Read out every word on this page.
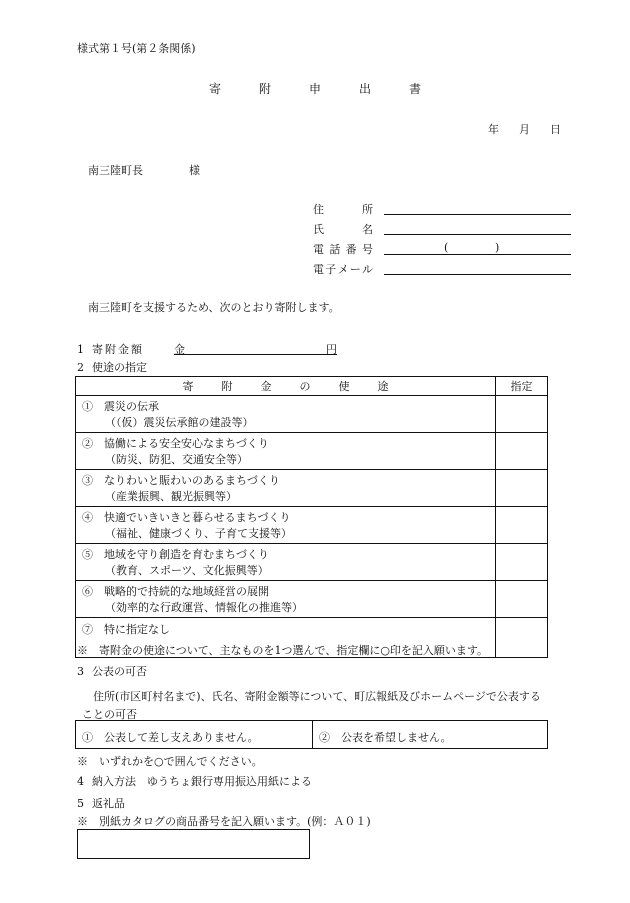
様式第１号(第２条関係)
寄	附	申	出	書
年 月 日
南三陸町長	様
住　所
氏　名
電話番号	(	)
電子メール
南三陸町を支援するため、次のとおり寄附します。
1 寄附金額	金	円
2 使途の指定
寄附金の使途	指定
①　震災の伝承
（（仮）震災伝承館の建設等）	

②　協働による安全安心なまちづくり
（防災、防犯、交通安全等）	

③　なりわいと賑わいのあるまちづくり
（産業振興、観光振興等）	

④　快適でいきいきと暮らせるまちづくり
（福祉、健康づくり、子育て支援等）	

⑤　地域を守り創造を育むまちづくり
（教育、スポーツ、文化振興等）	

⑥　戦略的で持続的な地域経営の展開
（効率的な行政運営、情報化の推進等）	

⑦　特に指定なし	
※　寄附金の使途について、主なものを1つ選んで、指定欄に○印を記入願います。
3 公表の可否
住所(市区町村名まで)、氏名、寄附金額等について、町広報紙及びホームページで公表する
ことの可否
①　公表して差し支えありません。	②　公表を希望しません。
※　いずれかを○で囲んでください。
4 納入方法　ゆうちょ銀行専用振込用紙による
5 返礼品
※　別紙カタログの商品番号を記入願います。(例：Ａ０１)
